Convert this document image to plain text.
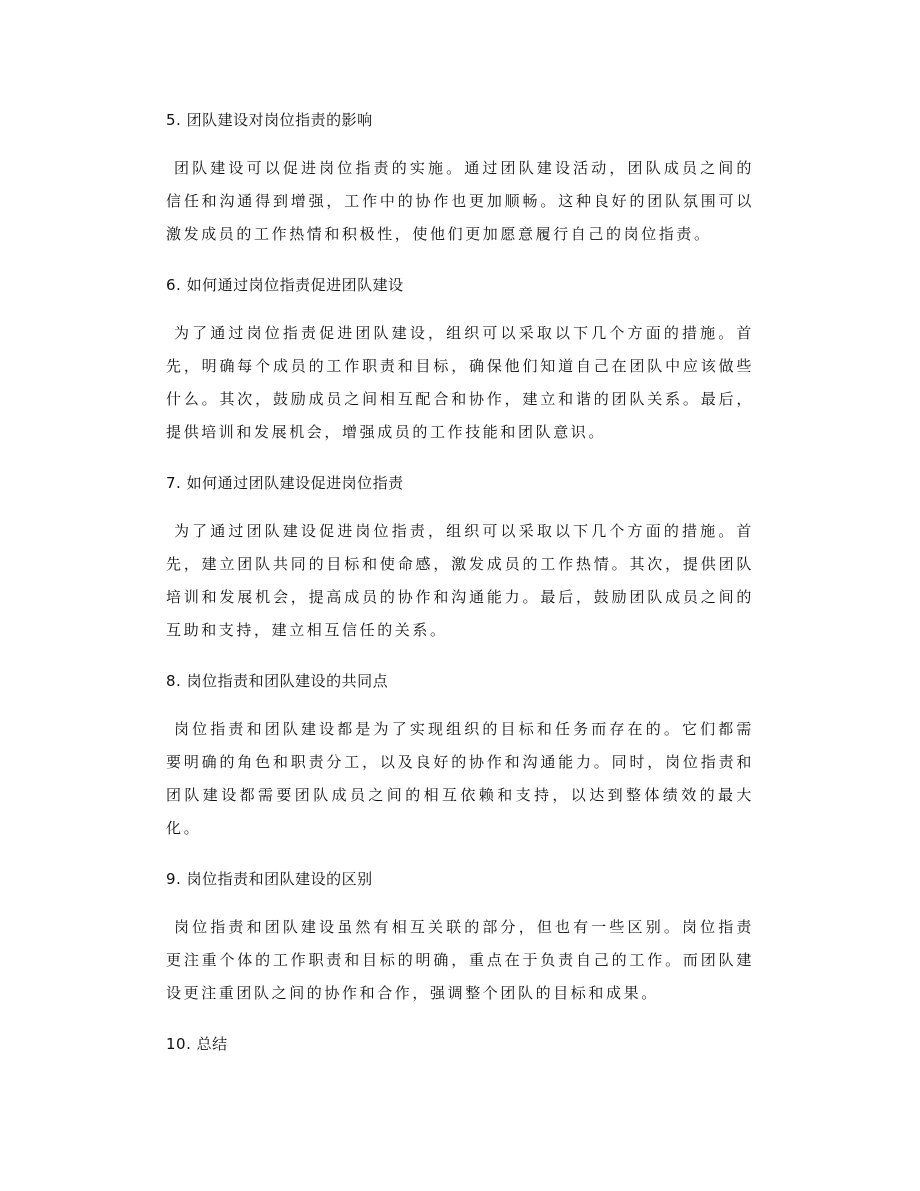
5. 团队建设对岗位指责的影响

团队建设可以促进岗位指责的实施。通过团队建设活动，团队成员之间的信任和沟通得到增强，工作中的协作也更加顺畅。这种良好的团队氛围可以激发成员的工作热情和积极性，使他们更加愿意履行自己的岗位指责。

6. 如何通过岗位指责促进团队建设

为了通过岗位指责促进团队建设，组织可以采取以下几个方面的措施。首先，明确每个成员的工作职责和目标，确保他们知道自己在团队中应该做些什么。其次，鼓励成员之间相互配合和协作，建立和谐的团队关系。最后，提供培训和发展机会，增强成员的工作技能和团队意识。

7. 如何通过团队建设促进岗位指责

为了通过团队建设促进岗位指责，组织可以采取以下几个方面的措施。首先，建立团队共同的目标和使命感，激发成员的工作热情。其次，提供团队培训和发展机会，提高成员的协作和沟通能力。最后，鼓励团队成员之间的互助和支持，建立相互信任的关系。

8. 岗位指责和团队建设的共同点

岗位指责和团队建设都是为了实现组织的目标和任务而存在的。它们都需要明确的角色和职责分工，以及良好的协作和沟通能力。同时，岗位指责和团队建设都需要团队成员之间的相互依赖和支持，以达到整体绩效的最大化。

9. 岗位指责和团队建设的区别

岗位指责和团队建设虽然有相互关联的部分，但也有一些区别。岗位指责更注重个体的工作职责和目标的明确，重点在于负责自己的工作。而团队建设更注重团队之间的协作和合作，强调整个团队的目标和成果。

10. 总结
